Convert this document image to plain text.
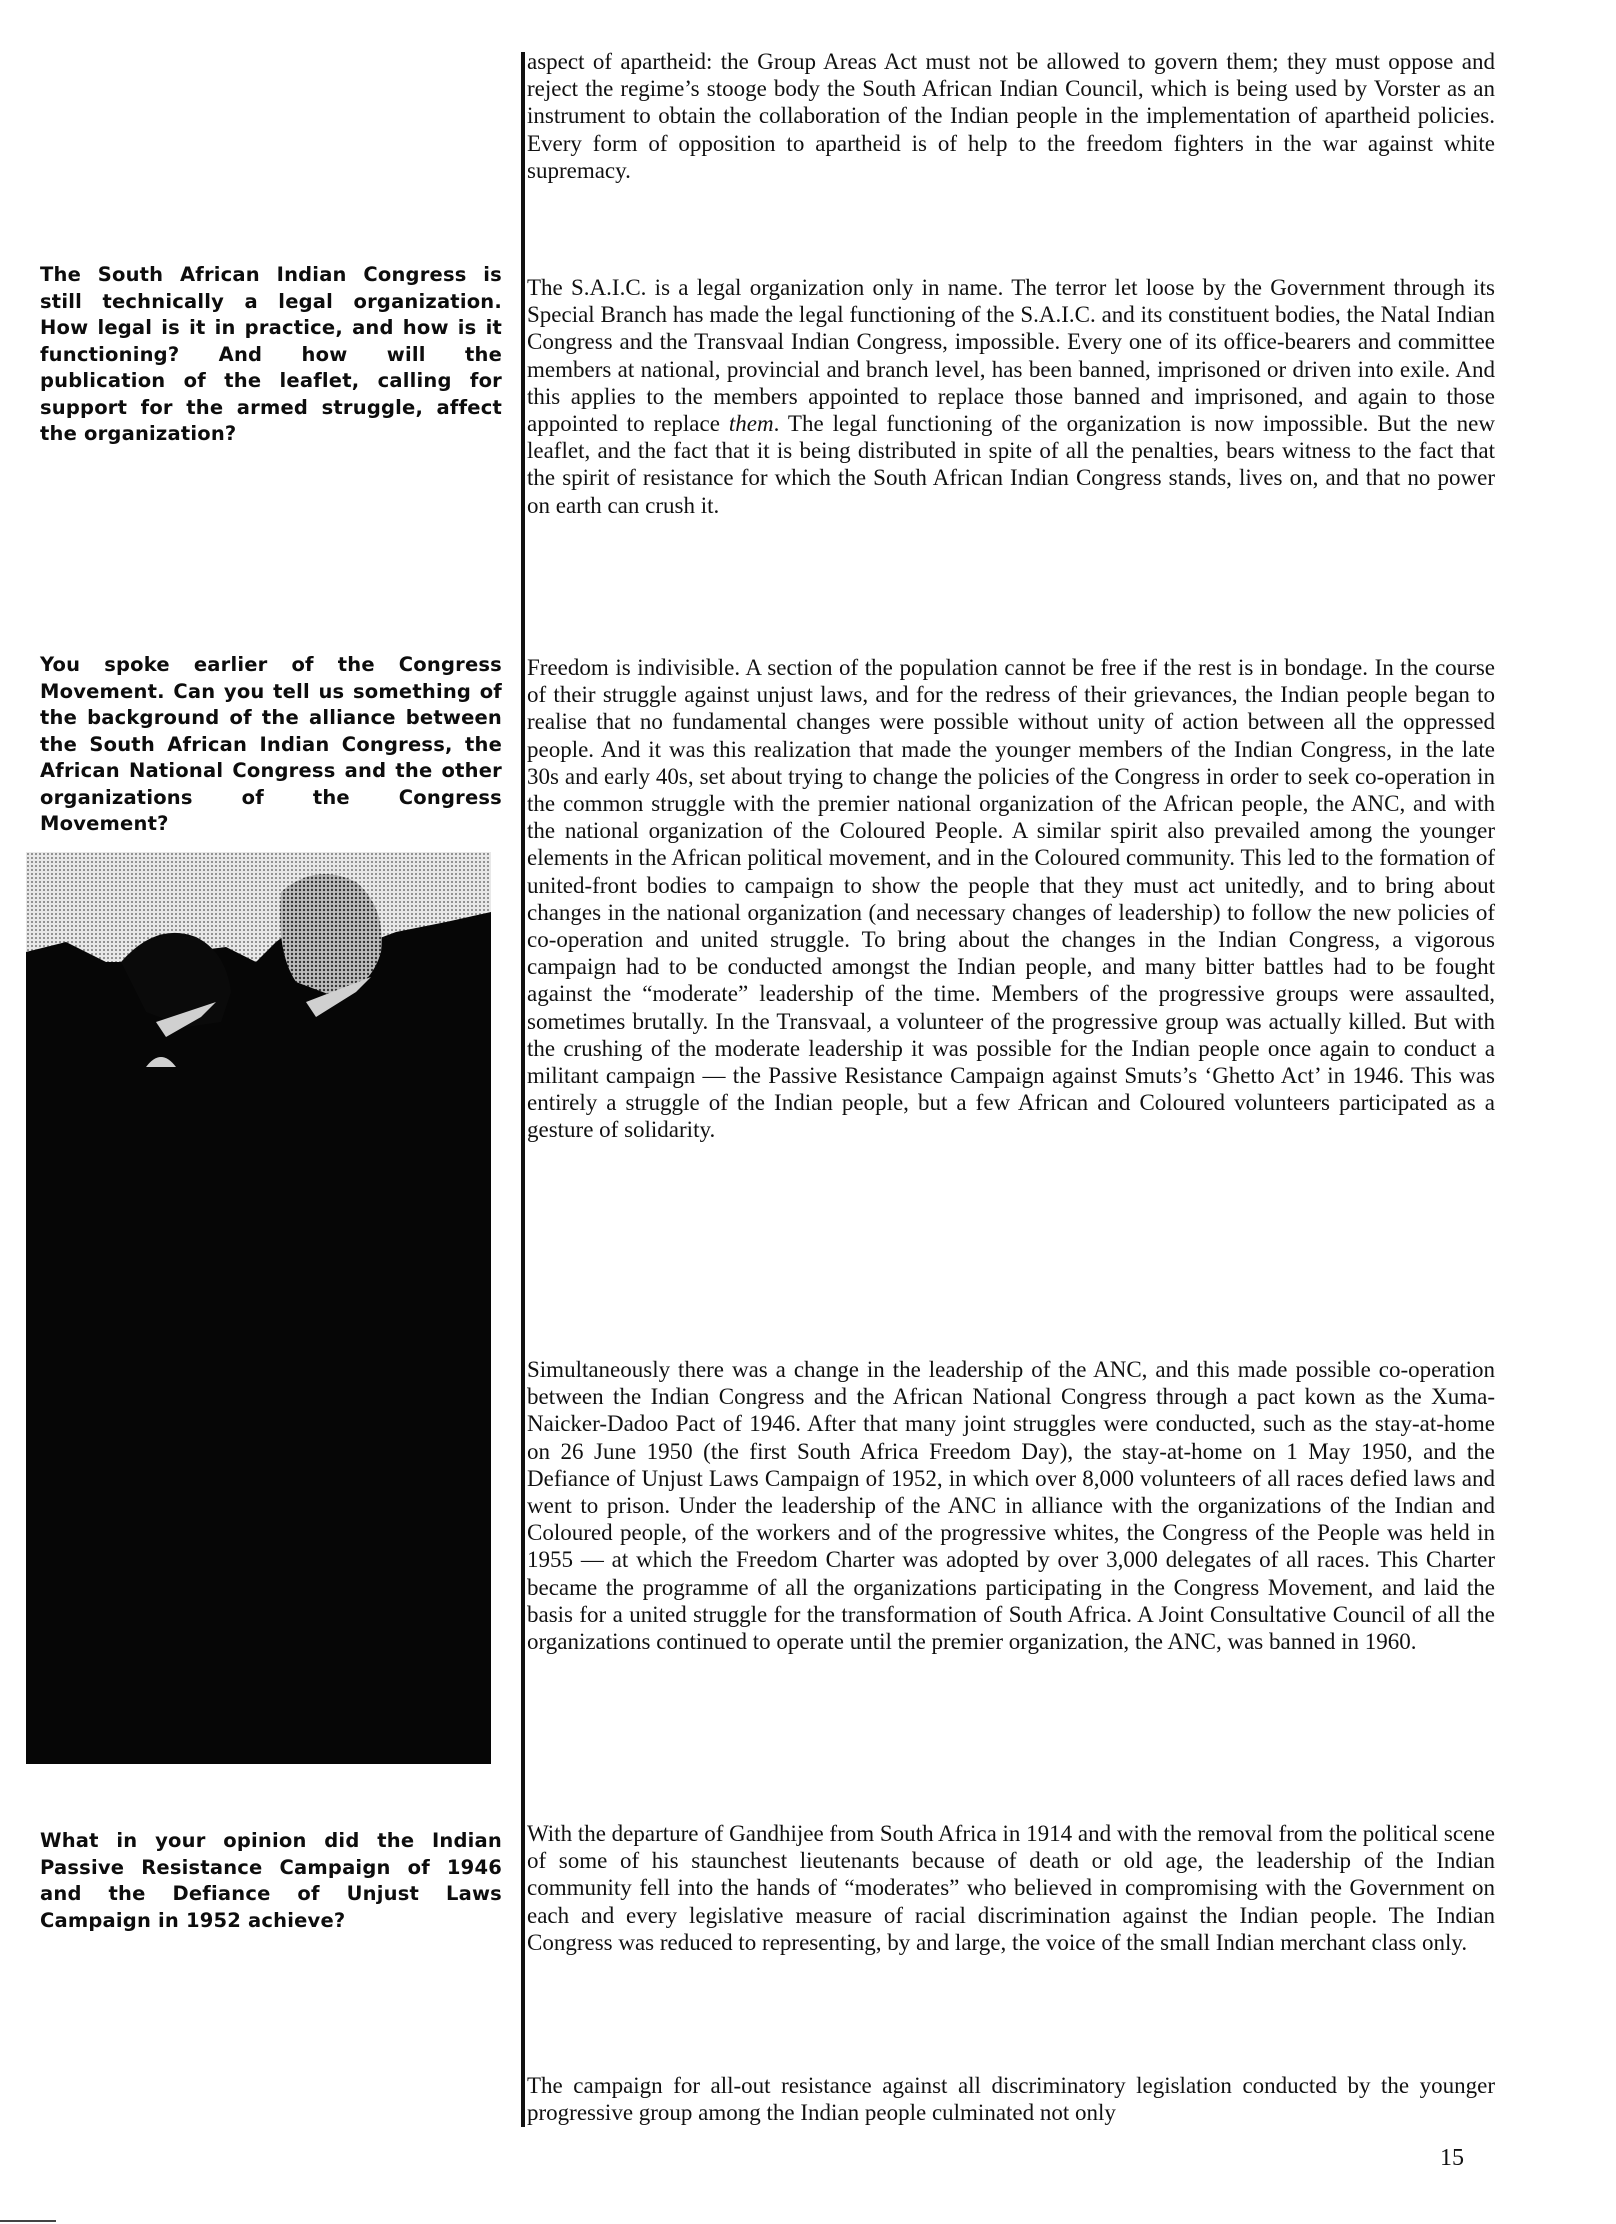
aspect of apartheid: the Group Areas Act must not be allowed to govern them; they must oppose and reject the regime’s stooge body the South African Indian Council, which is being used by Vorster as an instrument to obtain the collaboration of the Indian people in the implementation of apartheid policies. Every form of opposition to apartheid is of help to the freedom fighters in the war against white supremacy.

The South African Indian Congress is still technically a legal organization. How legal is it in practice, and how is it functioning? And how will the publication of the leaflet, calling for support for the armed struggle, affect the organization?

The S.A.I.C. is a legal organization only in name. The terror let loose by the Government through its Special Branch has made the legal functioning of the S.A.I.C. and its constituent bodies, the Natal Indian Congress and the Transvaal Indian Congress, impossible. Every one of its office-bearers and committee members at national, provincial and branch level, has been banned, imprisoned or driven into exile. And this applies to the members appointed to replace those banned and imprisoned, and again to those appointed to replace them. The legal functioning of the organization is now impossible. But the new leaflet, and the fact that it is being distributed in spite of all the penalties, bears witness to the fact that the spirit of resistance for which the South African Indian Congress stands, lives on, and that no power on earth can crush it.

You spoke earlier of the Congress Movement. Can you tell us something of the background of the alliance between the South African Indian Congress, the African National Congress and the other organizations of the Congress Movement?

Freedom is indivisible. A section of the population cannot be free if the rest is in bondage. In the course of their struggle against unjust laws, and for the redress of their grievances, the Indian people began to realise that no fundamental changes were possible without unity of action between all the oppressed people. And it was this realization that made the younger members of the Indian Congress, in the late 30s and early 40s, set about trying to change the policies of the Congress in order to seek co-operation in the common struggle with the premier national organization of the African people, the ANC, and with the national organization of the Coloured People. A similar spirit also prevailed among the younger elements in the African political movement, and in the Coloured community. This led to the formation of united-front bodies to campaign to show the people that they must act unitedly, and to bring about changes in the national organization (and necessary changes of leadership) to follow the new policies of co-operation and united struggle. To bring about the changes in the Indian Congress, a vigorous campaign had to be conducted amongst the Indian people, and many bitter battles had to be fought against the “moderate” leadership of the time. Members of the progressive groups were assaulted, sometimes brutally. In the Transvaal, a volunteer of the progressive group was actually killed. But with the crushing of the moderate leadership it was possible for the Indian people once again to conduct a militant campaign — the Passive Resistance Campaign against Smuts’s ‘Ghetto Act’ in 1946. This was entirely a struggle of the Indian people, but a few African and Coloured volunteers participated as a gesture of solidarity.

Simultaneously there was a change in the leadership of the ANC, and this made possible co-operation between the Indian Congress and the African National Congress through a pact kown as the Xuma-Naicker-Dadoo Pact of 1946. After that many joint struggles were conducted, such as the stay-at-home on 26 June 1950 (the first South Africa Freedom Day), the stay-at-home on 1 May 1950, and the Defiance of Unjust Laws Campaign of 1952, in which over 8,000 volunteers of all races defied laws and went to prison. Under the leadership of the ANC in alliance with the organizations of the Indian and Coloured people, of the workers and of the progressive whites, the Congress of the People was held in 1955 — at which the Freedom Charter was adopted by over 3,000 delegates of all races. This Charter became the programme of all the organizations participating in the Congress Movement, and laid the basis for a united struggle for the transformation of South Africa. A Joint Consultative Council of all the organizations continued to operate until the premier organization, the ANC, was banned in 1960.

What in your opinion did the Indian Passive Resistance Campaign of 1946 and the Defiance of Unjust Laws Campaign in 1952 achieve?

With the departure of Gandhijee from South Africa in 1914 and with the removal from the political scene of some of his staunchest lieutenants because of death or old age, the leadership of the Indian community fell into the hands of “moderates” who believed in compromising with the Government on each and every legislative measure of racial discrimination against the Indian people. The Indian Congress was reduced to representing, by and large, the voice of the small Indian merchant class only.

The campaign for all-out resistance against all discriminatory legislation conducted by the younger progressive group among the Indian people culminated not only

15
